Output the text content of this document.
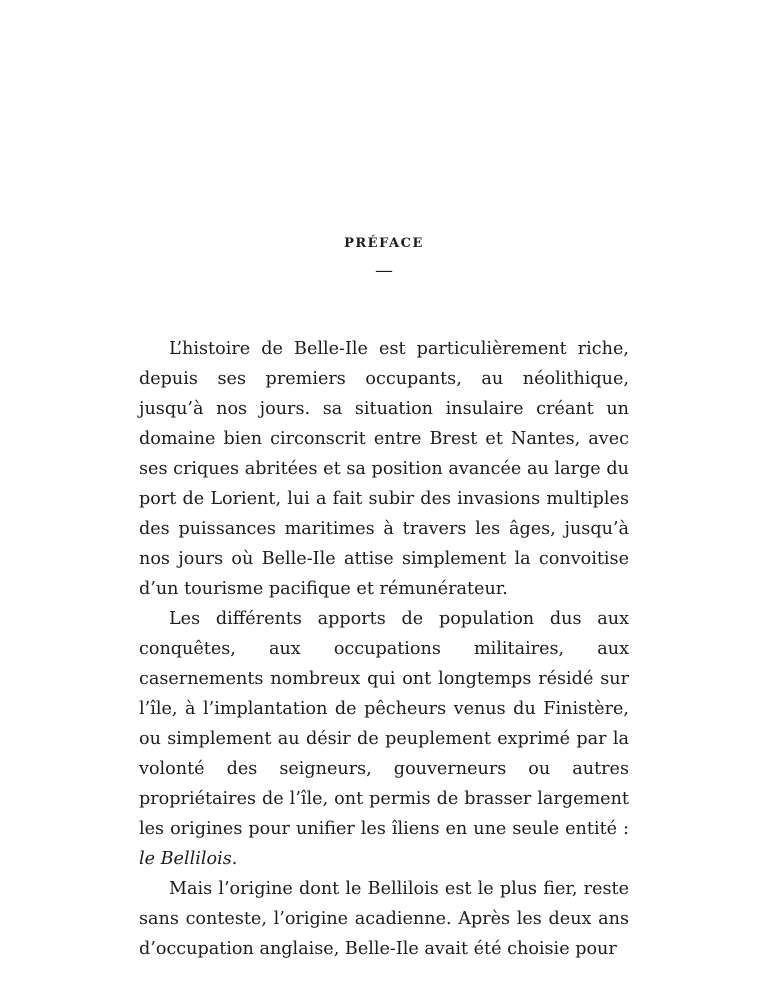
PRÉFACE
—

L’histoire de Belle-Ile est particulièrement riche, depuis ses premiers occupants, au néolithique, jusqu’à nos jours. sa situation insulaire créant un domaine bien circonscrit entre Brest et Nantes, avec ses criques abritées et sa position avancée au large du port de Lorient, lui a fait subir des invasions multiples des puissances maritimes à travers les âges, jusqu’à nos jours où Belle-Ile attise simplement la convoitise d’un tourisme pacifique et rémunérateur.

Les différents apports de population dus aux conquêtes, aux occupations militaires, aux casernements nombreux qui ont longtemps résidé sur l’île, à l’implantation de pêcheurs venus du Finistère, ou simplement au désir de peuplement exprimé par la volonté des seigneurs, gouverneurs ou autres propriétaires de l’île, ont permis de brasser largement les origines pour unifier les îliens en une seule entité : le Bellilois.

Mais l’origine dont le Bellilois est le plus fier, reste sans conteste, l’origine acadienne. Après les deux ans d’occupation anglaise, Belle-Ile avait été choisie pour
